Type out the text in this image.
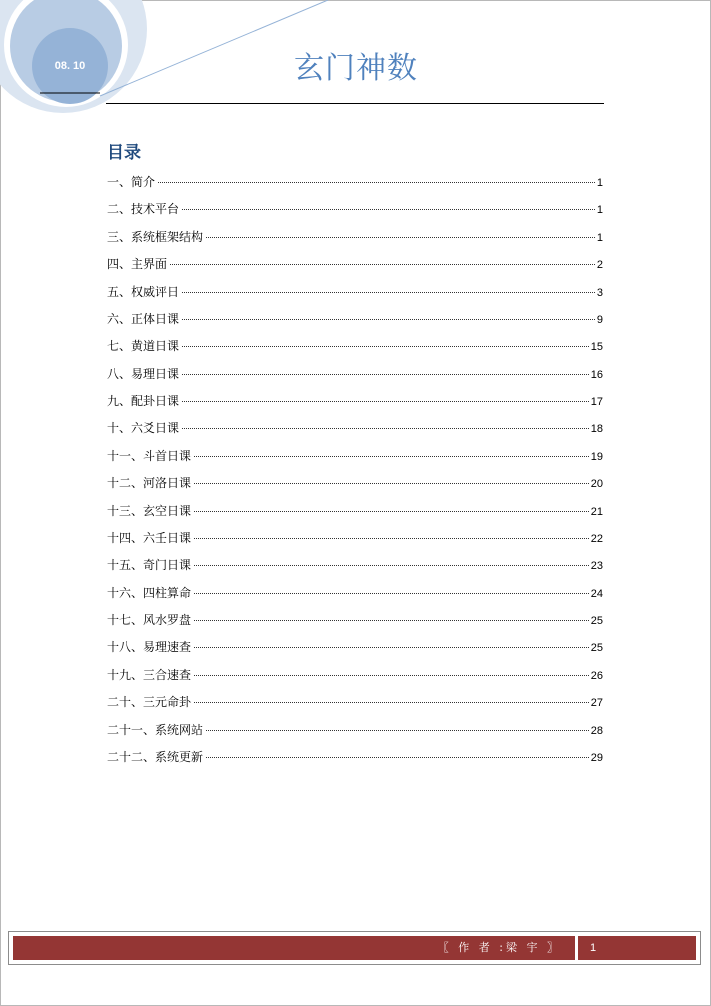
08. 10	玄门神数
目录
一、简介	1
二、技术平台	1
三、系统框架结构	1
四、主界面	2
五、权威评日	3
六、正体日课	9
七、黄道日课	15
八、易理日课	16
九、配卦日课	17
十、六爻日课	18
十一、斗首日课	19
十二、河洛日课	20
十三、玄空日课	21
十四、六壬日课	22
十五、奇门日课	23
十六、四柱算命	24
十七、风水罗盘	25
十八、易理速查	25
十九、三合速查	26
二十、三元命卦	27
二十一、系统网站	28
二十二、系统更新	29
〖 作 者 :梁 宇 〗	1
